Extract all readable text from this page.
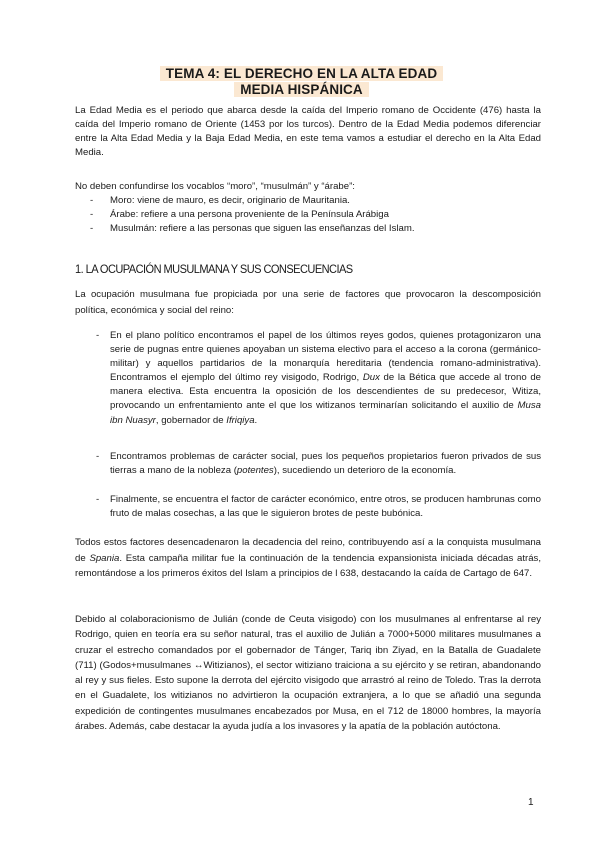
TEMA 4: EL DERECHO EN LA ALTA EDAD
MEDIA HISPÁNICA

La Edad Media es el periodo que abarca desde la caída del Imperio romano de Occidente (476) hasta la caída del Imperio romano de Oriente (1453 por los turcos). Dentro de la Edad Media podemos diferenciar entre la Alta Edad Media y la Baja Edad Media, en este tema vamos a estudiar el derecho en la Alta Edad Media.

No deben confundirse los vocablos “moro”, “musulmán” y “árabe”:

- Moro: viene de mauro, es decir, originario de Mauritania.
- Árabe: refiere a una persona proveniente de la Península Arábiga
- Musulmán: refiere a las personas que siguen las enseñanzas del Islam.
1. LA OCUPACIÓN MUSULMANA Y SUS CONSECUENCIAS

La ocupación musulmana fue propiciada por una serie de factores que provocaron la descomposición política, económica y social del reino:

- En el plano político encontramos el papel de los últimos reyes godos, quienes protagonizaron una serie de pugnas entre quienes apoyaban un sistema electivo para el acceso a la corona (germánico-militar) y aquellos partidarios de la monarquía hereditaria (tendencia romano-administrativa). Encontramos el ejemplo del último rey visigodo, Rodrigo, Dux de la Bética que accede al trono de manera electiva. Esta encuentra la oposición de los descendientes de su predecesor, Witiza, provocando un enfrentamiento ante el que los witizanos terminarían solicitando el auxilio de Musa ibn Nuasyr, gobernador de Ifriqiya.
- Encontramos problemas de carácter social, pues los pequeños propietarios fueron privados de sus tierras a mano de la nobleza (potentes), sucediendo un deterioro de la economía.
- Finalmente, se encuentra el factor de carácter económico, entre otros, se producen hambrunas como fruto de malas cosechas, a las que le siguieron brotes de peste bubónica.

Todos estos factores desencadenaron la decadencia del reino, contribuyendo así a la conquista musulmana de Spania. Esta campaña militar fue la continuación de la tendencia expansionista iniciada décadas atrás, remontándose a los primeros éxitos del Islam a principios de l 638, destacando la caída de Cartago de 647.

Debido al colaboracionismo de Julián (conde de Ceuta visigodo) con los musulmanes al enfrentarse al rey Rodrigo, quien en teoría era su señor natural, tras el auxilio de Julián a 7000+5000 militares musulmanes a cruzar el estrecho comandados por el gobernador de Tánger, Tariq ibn Ziyad, en la Batalla de Guadalete (711) (Godos+musulmanes ↔Witizianos), el sector witiziano traiciona a su ejército y se retiran, abandonando al rey y sus fieles. Esto supone la derrota del ejército visigodo que arrastró al reino de Toledo. Tras la derrota en el Guadalete, los witizianos no advirtieron la ocupación extranjera, a lo que se añadió una segunda expedición de contingentes musulmanes encabezados por Musa, en el 712 de 18000 hombres, la mayoría árabes. Además, cabe destacar la ayuda judía a los invasores y la apatía de la población autóctona.

1
